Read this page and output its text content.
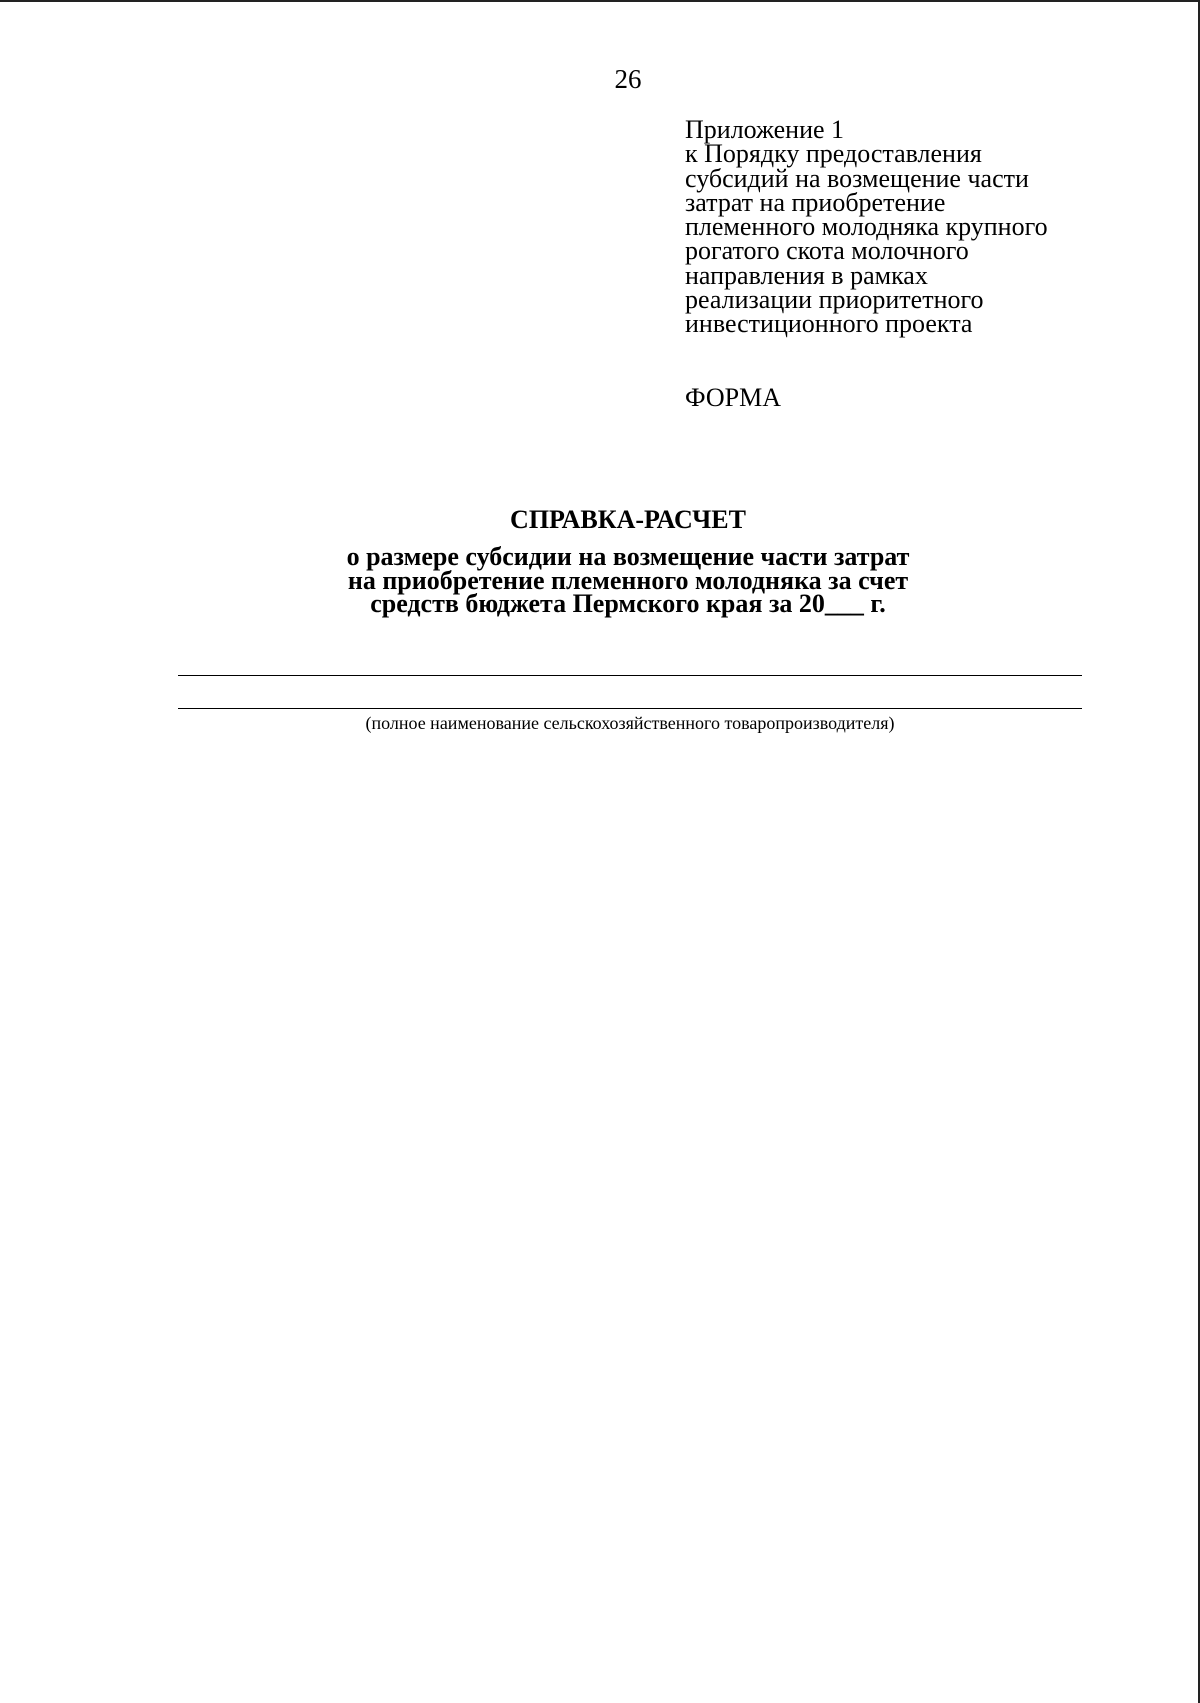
26
Приложение 1
к Порядку предоставления
субсидий на возмещение части
затрат на приобретение
племенного молодняка крупного
рогатого скота молочного
направления в рамках
реализации приоритетного
инвестиционного проекта
ФОРМА
СПРАВКА-РАСЧЕТ
о размере субсидии на возмещение части затрат
на приобретение племенного молодняка за счет
средств бюджета Пермского края за 20___ г.
(полное наименование сельскохозяйственного товаропроизводителя)
